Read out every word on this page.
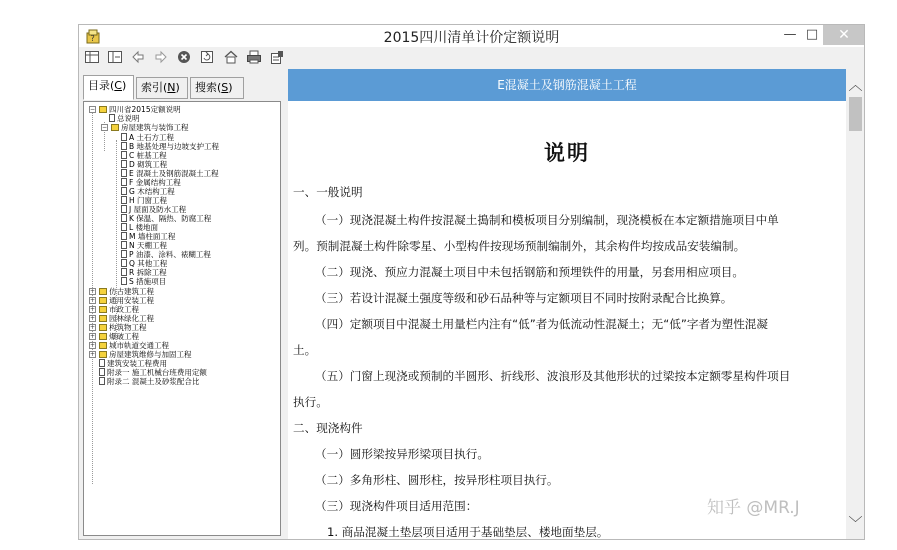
?	2015四川清单计价定额说明	— □	✕

目录(C)	索引(N)	搜索(S)
−	四川省2015定额说明
总说明
−	房屋建筑与装饰工程
A 土石方工程
B 地基处理与边坡支护工程
C 桩基工程
D 砌筑工程
E 混凝土及钢筋混凝土工程
F 金属结构工程
G 木结构工程
H 门窗工程
J 屋面及防水工程
K 保温、隔热、防腐工程
L 楼地面
M 墙柱面工程
N 天棚工程
P 油漆、涂料、裱糊工程
Q 其他工程
R 拆除工程
S 措施项目
+	仿古建筑工程
+	通用安装工程
+	市政工程
+	园林绿化工程
+	构筑物工程
+	爆破工程
+	城市轨道交通工程
+	房屋建筑维修与加固工程
建筑安装工程费用
附录一 施工机械台班费用定额
附录二 混凝土及砂浆配合比
E混凝土及钢筋混凝土工程
说明
一、一般说明
（一）现浇混凝土构件按混凝土搗制和模板项目分别编制，现浇模板在本定额措施项目中单
列。预制混凝土构件除零星、小型构件按现场预制编制外，其余构件均按成品安装编制。
（二）现浇、预应力混凝土项目中未包括钢筋和预埋铁件的用量，另套用相应项目。
（三）若设计混凝土强度等级和砂石品种等与定额项目不同时按附录配合比换算。
（四）定额项目中混凝土用量栏内注有“低”者为低流动性混凝土；无“低”字者为塑性混凝
土。
（五）门窗上现浇或预制的半圆形、折线形、波浪形及其他形状的过梁按本定额零星构件项目
执行。
二、现浇构件
（一）圆形梁按异形梁项目执行。
（二）多角形柱、圆形柱，按异形柱项目执行。
（三）现浇构件项目适用范围：
1. 商品混凝土垫层项目适用于基础垫层、楼地面垫层。
︿
﹀
知乎 @MR.J
